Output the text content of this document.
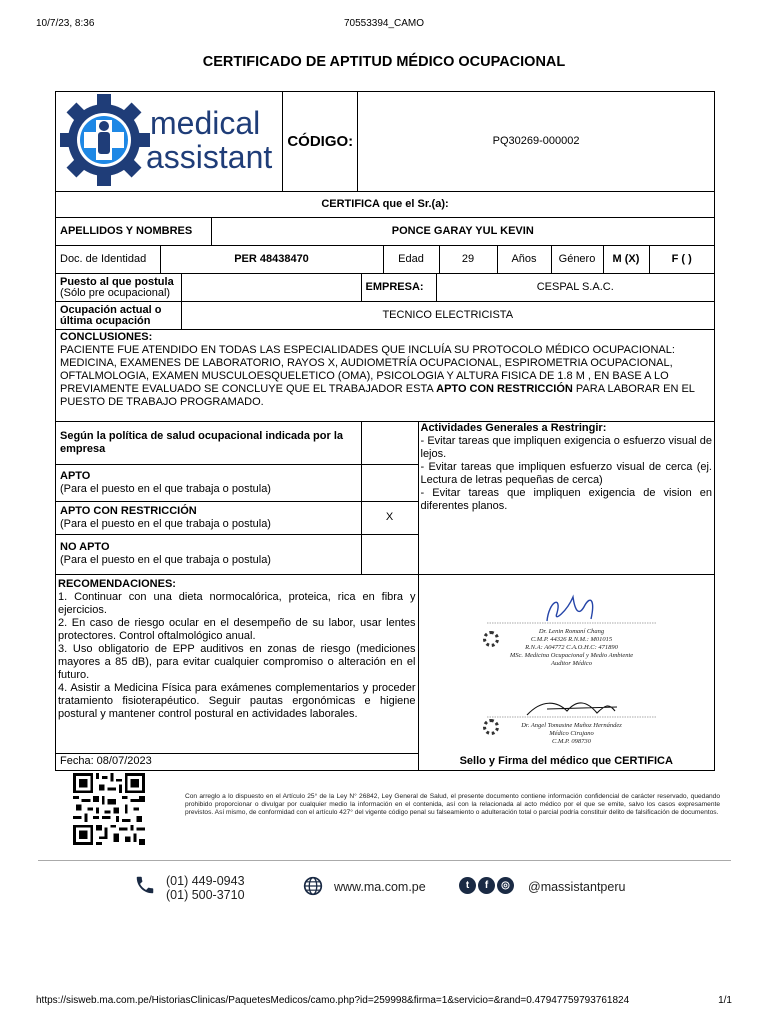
10/7/23, 8:36	70553394_CAMO
CERTIFICADO DE APTITUD MÉDICO OCUPACIONAL
medical
assistant
	CÓDIGO:	PQ30269-000002

CERTIFICA que el Sr.(a):

APELLIDOS Y NOMBRES	PONCE GARAY YUL KEVIN

Doc. de Identidad	PER 48438470	Edad	29	Años	Género	M (X)	F ( )

Puesto al que postula
(Sólo pre ocupacional)		EMPRESA:	CESPAL S.A.C.

Ocupación actual o
última ocupación	TECNICO ELECTRICISTA

CONCLUSIONES:
PACIENTE FUE ATENDIDO EN TODAS LAS ESPECIALIDADES QUE INCLUÍA SU PROTOCOLO MÉDICO OCUPACIONAL: MEDICINA, EXAMENES DE LABORATORIO, RAYOS X, AUDIOMETRÍA OCUPACIONAL, ESPIROMETRIA OCUPACIONAL, OFTALMOLOGIA, EXAMEN MUSCULOESQUELETICO (OMA), PSICOLOGIA Y ALTURA FISICA DE 1.8 M , EN BASE A LO PREVIAMENTE EVALUADO SE CONCLUYE QUE EL TRABAJADOR ESTA APTO CON RESTRICCIÓN PARA LABORAR EN EL PUESTO DE TRABAJO PROGRAMADO.

Según la política de salud ocupacional indicada por la empresa		
Actividades Generales a Restringir:
- Evitar tareas que impliquen exigencia o esfuerzo visual de lejos.
- Evitar tareas que impliquen esfuerzo visual de cerca (ej. Lectura de letras pequeñas de cerca)
- Evitar tareas que impliquen exigencia de vision en diferentes planos.

APTO
(Para el puesto en el que trabaja o postula)

APTO CON RESTRICCIÓN
(Para el puesto en el que trabaja o postula)
	X

NO APTO
(Para el puesto en el que trabaja o postula)

RECOMENDACIONES:
1. Continuar con una dieta normocalórica, proteica, rica en fibra y ejercicios.
2. En caso de riesgo ocular en el desempeño de su labor, usar lentes protectores. Control oftalmológico anual.
3. Uso obligatorio de EPP auditivos en zonas de riesgo (mediciones mayores a 85 dB), para evitar cualquier compromiso o alteración en el futuro.
4. Asistir a Medicina Física para exámenes complementarios y proceder tratamiento fisioterapéutico. Seguir pautas ergonómicas e higiene postural y mantener control postural en actividades laborales.

Dr. Lenin Romaní Chang
C.M.P. 44326 R.N.M.: M01015
R.N.A: A04772 C.A.O.H.C: 471890
MSc. Medicina Ocupacional y Medio Ambiente
Auditor Médico
Dr. Angel Tomasine Muñoz Hernández
Médico Cirujano
C.M.P. 098730
Sello y Firma del médico que CERTIFICA

Fecha: 08/07/2023
Con arreglo a lo dispuesto en el Artículo 25° de la Ley N° 26842, Ley General de Salud, el presente documento contiene información confidencial de carácter reservado, quedando prohibido proporcionar o divulgar por cualquier medio la información en el contenida, así con la relacionada al acto médico por el que se emite, salvo los casos expresamente previstos. Así mismo, de conformidad con el artículo 427° del vigente código penal su falseamiento o adulteración total o parcial podría constituir delito de falsificación de documentos.
(01) 449-0943
(01) 500-3710
www.ma.com.pe	t	f	◎	@massistantperu
https://sisweb.ma.com.pe/HistoriasClinicas/PaquetesMedicos/camo.php?id=259998&firma=1&servicio=&rand=0.47947759793761824	1/1
